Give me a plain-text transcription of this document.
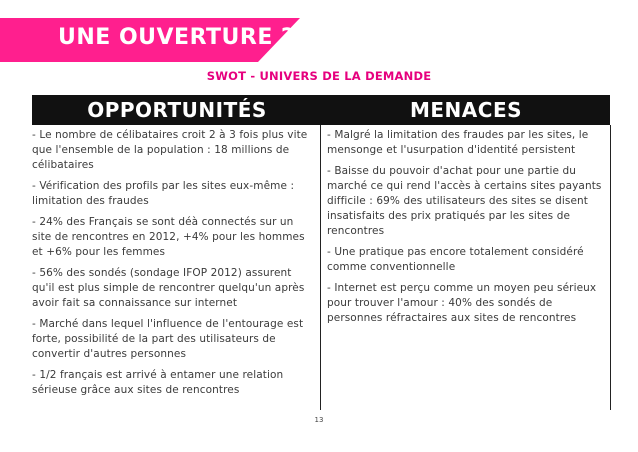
UNE OUVERTURE ?
SWOT - UNIVERS DE LA DEMANDE
OPPORTUNITÉS	MENACES
- Le nombre de célibataires croit 2 à 3 fois plus vite que l'ensemble de la population : 18 millions de célibataires
- Vérification des profils par les sites eux-même : limitation des fraudes
- 24% des Français se sont déà connectés sur un site de rencontres en 2012, +4% pour les hommes et +6% pour les femmes
- 56% des sondés (sondage IFOP 2012) assurent qu'il est plus simple de rencontrer quelqu'un après avoir fait sa connaissance sur internet
- Marché dans lequel l'influence de l'entourage est forte, possibilité de la part des utilisateurs de convertir d'autres personnes
- 1/2 français est arrivé à entamer une relation sérieuse grâce aux sites de rencontres
- Malgré la limitation des fraudes par les sites, le mensonge et l'usurpation d'identité persistent
- Baisse du pouvoir d'achat pour une partie du marché ce qui rend l'accès à certains sites payants difficile : 69% des utilisateurs des sites se disent insatisfaits des prix pratiqués par les sites de rencontres
- Une pratique pas encore totalement considéré comme conventionnelle
- Internet est perçu comme un moyen peu sérieux pour trouver l'amour : 40% des sondés de personnes réfractaires aux sites de rencontres
13
